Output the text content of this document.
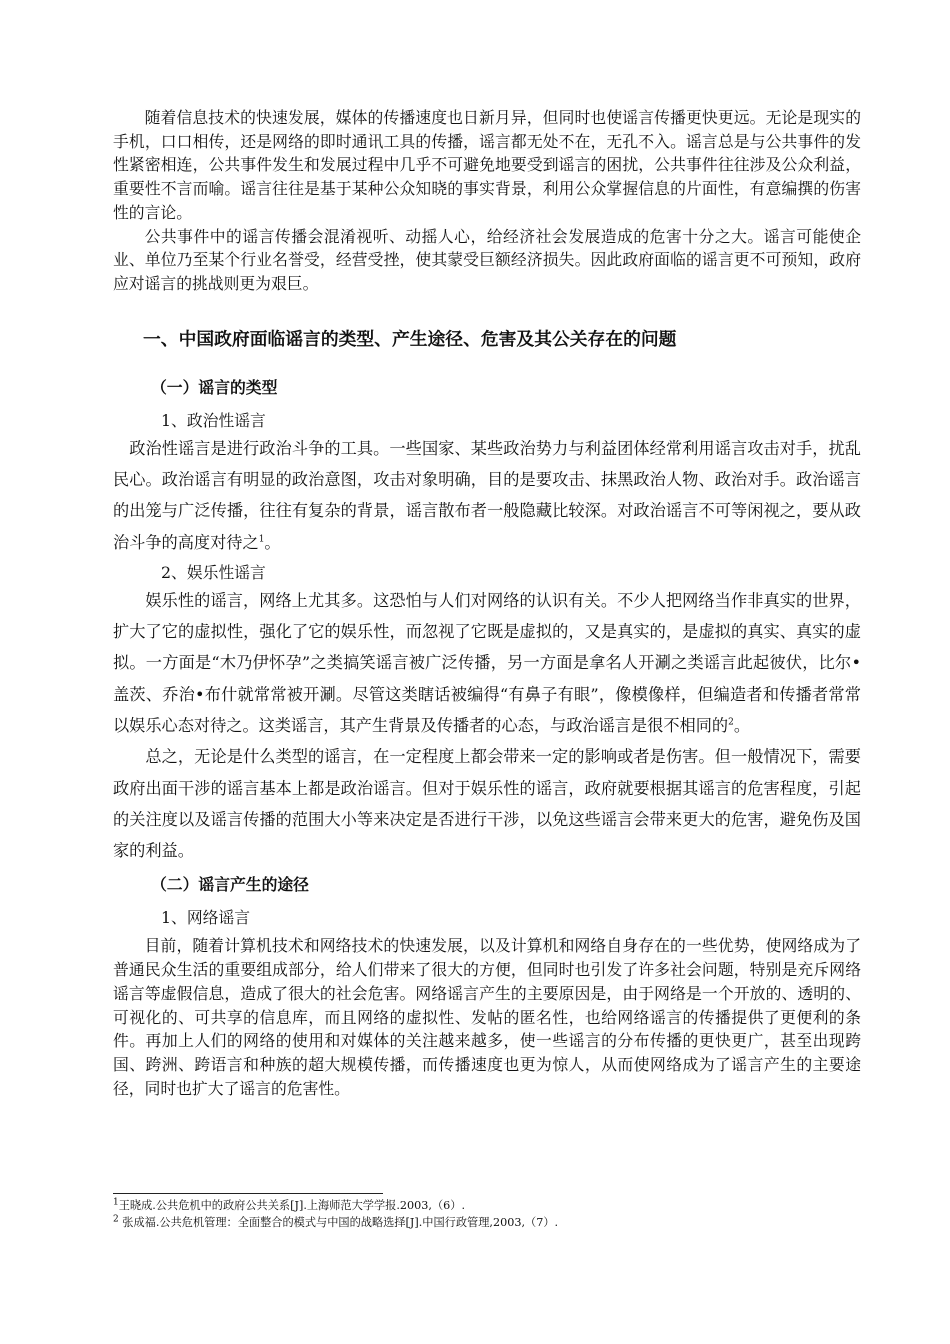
随着信息技术的快速发展，媒体的传播速度也日新月异，但同时也使谣言传播更快更远。无论是现实的手机，口口相传，还是网络的即时通讯工具的传播，谣言都无处不在，无孔不入。谣言总是与公共事件的发性紧密相连，公共事件发生和发展过程中几乎不可避免地要受到谣言的困扰，公共事件往往涉及公众利益，重要性不言而喻。谣言往往是基于某种公众知晓的事实背景，利用公众掌握信息的片面性，有意编撰的伤害性的言论。

公共事件中的谣言传播会混淆视听、动摇人心，给经济社会发展造成的危害十分之大。谣言可能使企业、单位乃至某个行业名誉受，经营受挫，使其蒙受巨额经济损失。因此政府面临的谣言更不可预知，政府应对谣言的挑战则更为艰巨。

一、中国政府面临谣言的类型、产生途径、危害及其公关存在的问题
（一）谣言的类型
1、政治性谣言

政治性谣言是进行政治斗争的工具。一些国家、某些政治势力与利益团体经常利用谣言攻击对手，扰乱民心。政治谣言有明显的政治意图，攻击对象明确，目的是要攻击、抹黑政治人物、政治对手。政治谣言的出笼与广泛传播，往往有复杂的背景，谣言散布者一般隐藏比较深。对政治谣言不可等闲视之，要从政治斗争的高度对待之$^1$。

2、娱乐性谣言

娱乐性的谣言，网络上尤其多。这恐怕与人们对网络的认识有关。不少人把网络当作非真实的世界，扩大了它的虚拟性，强化了它的娱乐性，而忽视了它既是虚拟的，又是真实的，是虚拟的真实、真实的虚拟。一方面是“木乃伊怀孕”之类搞笑谣言被广泛传播，另一方面是拿名人开涮之类谣言此起彼伏，比尔•盖茨、乔治•布什就常常被开涮。尽管这类瞎话被编得“有鼻子有眼”，像模像样，但编造者和传播者常常以娱乐心态对待之。这类谣言，其产生背景及传播者的心态，与政治谣言是很不相同的$^2$。

总之，无论是什么类型的谣言，在一定程度上都会带来一定的影响或者是伤害。但一般情况下，需要政府出面干涉的谣言基本上都是政治谣言。但对于娱乐性的谣言，政府就要根据其谣言的危害程度，引起的关注度以及谣言传播的范围大小等来决定是否进行干涉，以免这些谣言会带来更大的危害，避免伤及国家的利益。

（二）谣言产生的途径
1、网络谣言

目前，随着计算机技术和网络技术的快速发展，以及计算机和网络自身存在的一些优势，使网络成为了普通民众生活的重要组成部分，给人们带来了很大的方便，但同时也引发了许多社会问题，特别是充斥网络谣言等虚假信息，造成了很大的社会危害。网络谣言产生的主要原因是，由于网络是一个开放的、透明的、可视化的、可共享的信息库，而且网络的虚拟性、发帖的匿名性，也给网络谣言的传播提供了更便利的条件。再加上人们的网络的使用和对媒体的关注越来越多，使一些谣言的分布传播的更快更广，甚至出现跨国、跨洲、跨语言和种族的超大规模传播，而传播速度也更为惊人，从而使网络成为了谣言产生的主要途径，同时也扩大了谣言的危害性。

$^1$王晓成.公共危机中的政府公共关系[J].上海师范大学学报.2003,（6）.
$^2$ 张成福.公共危机管理：全面整合的模式与中国的战略选择[J].中国行政管理,2003,（7）.
